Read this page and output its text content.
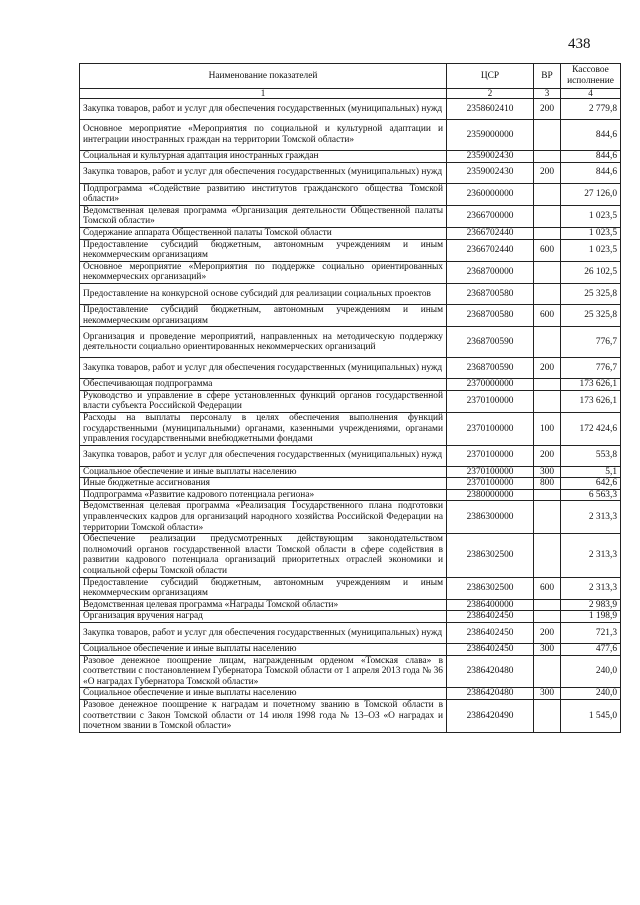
438
Наименование показателей	ЦСР	ВР	Кассовое исполнение
1	2	3	4
Закупка товаров, работ и услуг для обеспечения государственных (муниципальных) нужд	2358602410	200	2 779,8
Основное мероприятие «Мероприятия по социальной и культурной адаптации и интеграции иностранных граждан на территории Томской области»	2359000000		844,6
Социальная и культурная адаптация иностранных граждан	2359002430		844,6
Закупка товаров, работ и услуг для обеспечения государственных (муниципальных) нужд	2359002430	200	844,6
Подпрограмма «Содействие развитию институтов гражданского общества Томской области»	2360000000		27 126,0
Ведомственная целевая программа «Организация деятельности Общественной палаты Томской области»	2366700000		1 023,5
Содержание аппарата Общественной палаты Томской области	2366702440		1 023,5
Предоставление субсидий бюджетным, автономным учреждениям и иным некоммерческим организациям	2366702440	600	1 023,5
Основное мероприятие «Мероприятия по поддержке социально ориентированных некоммерческих организаций»	2368700000		26 102,5
Предоставление на конкурсной основе субсидий для реализации социальных проектов	2368700580		25 325,8
Предоставление субсидий бюджетным, автономным учреждениям и иным некоммерческим организациям	2368700580	600	25 325,8
Организация и проведение мероприятий, направленных на методическую поддержку деятельности социально ориентированных некоммерческих организаций	2368700590		776,7
Закупка товаров, работ и услуг для обеспечения государственных (муниципальных) нужд	2368700590	200	776,7
Обеспечивающая подпрограмма	2370000000		173 626,1
Руководство и управление в сфере установленных функций органов государственной власти субъекта Российской Федерации	2370100000		173 626,1
Расходы на выплаты персоналу в целях обеспечения выполнения функций государственными (муниципальными) органами, казенными учреждениями, органами управления государственными внебюджетными фондами	2370100000	100	172 424,6
Закупка товаров, работ и услуг для обеспечения государственных (муниципальных) нужд	2370100000	200	553,8
Социальное обеспечение и иные выплаты населению	2370100000	300	5,1
Иные бюджетные ассигнования	2370100000	800	642,6
Подпрограмма «Развитие кадрового потенциала региона»	2380000000		6 563,3
Ведомственная целевая программа «Реализация Государственного плана подготовки управленческих кадров для организаций народного хозяйства Российской Федерации на территории Томской области»	2386300000		2 313,3
Обеспечение реализации предусмотренных действующим законодательством полномочий органов государственной власти Томской области в сфере содействия в развитии кадрового потенциала организаций приоритетных отраслей экономики и социальной сферы Томской области	2386302500		2 313,3
Предоставление субсидий бюджетным, автономным учреждениям и иным некоммерческим организациям	2386302500	600	2 313,3
Ведомственная целевая программа «Награды Томской области»	2386400000		2 983,9
Организация вручения наград	2386402450		1 198,9
Закупка товаров, работ и услуг для обеспечения государственных (муниципальных) нужд	2386402450	200	721,3
Социальное обеспечение и иные выплаты населению	2386402450	300	477,6
Разовое денежное поощрение лицам, награжденным орденом «Томская слава» в соответствии с постановлением Губернатора Томской области от 1 апреля 2013 года № 36 «О наградах Губернатора Томской области»	2386420480		240,0
Социальное обеспечение и иные выплаты населению	2386420480	300	240,0
Разовое денежное поощрение к наградам и почетному званию в Томской области в соответствии с Закон Томской области от 14 июля 1998 года № 13–ОЗ «О наградах и почетном звании в Томской области»	2386420490		1 545,0
